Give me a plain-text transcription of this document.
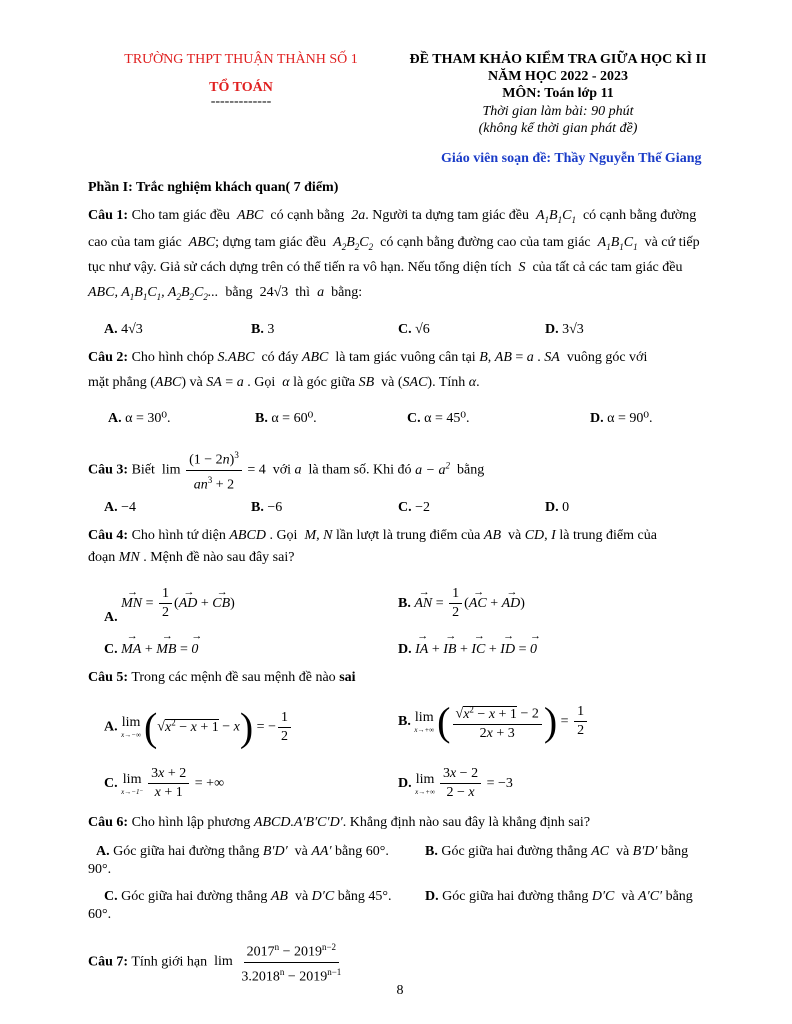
TRƯỜNG THPT THUẬN THÀNH SỐ 1
TỔ TOÁN
-------------
ĐỀ THAM KHẢO KIỂM TRA GIỮA HỌC KÌ II
NĂM HỌC 2022 - 2023
MÔN: Toán lớp 11
Thời gian làm bài: 90 phút
(không kể thời gian phát đề)
Giáo viên soạn đề: Thầy Nguyễn Thế Giang
Phần I: Trắc nghiệm khách quan( 7 điểm)
Câu 1: Cho tam giác đều  ABC  có cạnh bằng  2a. Người ta dựng tam giác đều  $A_1B_1C_1$ có cạnh bằng đường
cao của tam giác  ABC; dựng tam giác đều  $A_2B_2C_2$ có cạnh bằng đường cao của tam giác  $A_1B_1C_1$ và cứ tiếp
tục như vậy. Giả sử cách dựng trên có thể tiến ra vô hạn. Nếu tổng diện tích  S  của tất cả các tam giác đều
ABC, $A_1B_1C_1$, $A_2B_2C_2$...  bằng  24√3  thì  a  bằng:
A. 4√3	B. 3	C. √6	D. 3√3
Câu 2: Cho hình chóp S.ABC  có đáy ABC  là tam giác vuông cân tại B, AB = a . SA  vuông góc với
mặt phẳng (ABC) và SA = a . Gọi  α là góc giữa SB  và (SAC). Tính α.
A. α = 30⁰.	B. α = 60⁰.	C. α = 45⁰.	D. α = 90⁰.
Câu 3: Biết $\lim \frac{(1 - 2n)^3}{an^3 + 2} = 4$  với a  là tham số. Khi đó $a - a^2$ bằng
A. −4	B. −6	C. −2	D. 0
Câu 4: Cho hình tứ diện ABCD . Gọi  M, N lần lượt là trung điểm của AB  và CD, I là trung điểm của
đoạn MN . Mệnh đề nào sau đây sai?
A. → MN = $\frac{1}{2}$ (→ AD + → CB)	B. → AN = $\frac{1}{2}$ (→ AC + → AD)
C. → MA + → MB = → 0	D. → IA + → IB + → IC + → ID = → 0
Câu 5: Trong các mệnh đề sau mệnh đề nào sai
A. lim
x→−∞ $(√x^2 - x + 1 - x)$ = − $\frac{1}{2}$	B. lim
x→+∞ ( $\frac{√x^2 - x + 1 - 2}{2x + 3}$ ) = $\frac{1}{2}$
C. lim
$x\to-1^- \frac{3x + 2}{x + 1}$ = +∞	D. lim
$x\to+\infty \frac{3x - 2}{2 - x} = -3$
Câu 6: Cho hình lập phương ABCD.A′B′C′D′. Khẳng định nào sau đây là khẳng định sai?
A. Góc giữa hai đường thẳng B′D′  và AA′ bằng 60°.	B. Góc giữa hai đường thẳng AC  và B′D′ bằng
90°.
C. Góc giữa hai đường thẳng AB  và D′C bằng 45°. D. Góc giữa hai đường thẳng D′C  và A′C′ bằng
60°.
Câu 7: Tính giới hạn $\lim \frac{2017^n - 2019^{n-2}}{3.2018^n - 2019^{n-1}}$
8
